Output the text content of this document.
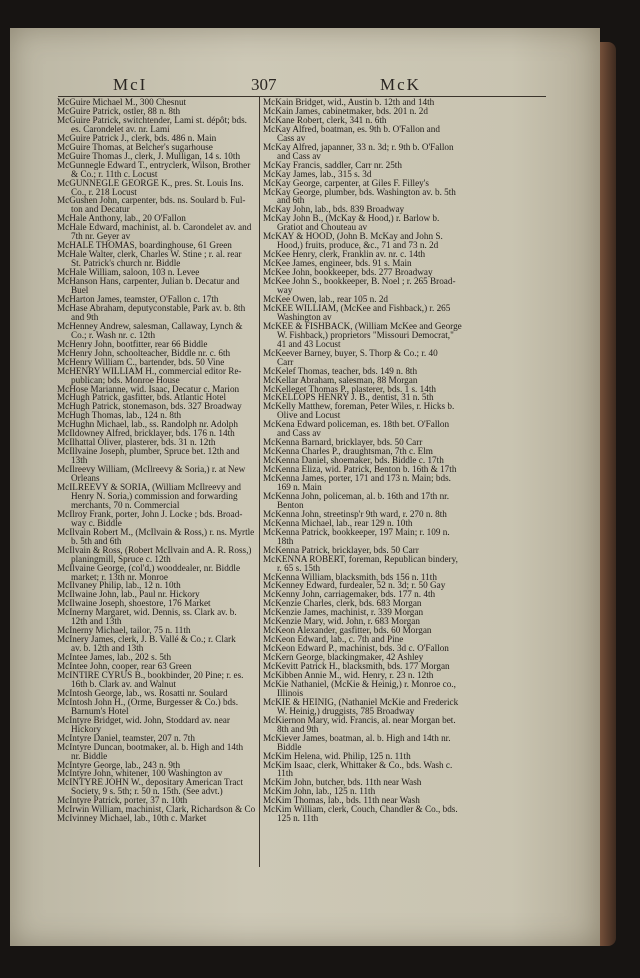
McI	307	McK
McGuire Michael M., 300 Chesnut
McGuire Patrick, ostler, 88 n. 8th
McGuire Patrick, switchtender, Lami st. dépôt; bds.
es. Carondelet av. nr. Lami
McGuire Patrick J., clerk, bds. 486 n. Main
McGuire Thomas, at Belcher's sugarhouse
McGuire Thomas J., clerk, J. Mulligan, 14 s. 10th
McGunnegle Edward T., entryclerk, Wilson, Brother
& Co.; r. 11th c. Locust
McGUNNEGLE GEORGE K., pres. St. Louis Ins.
Co., r. 218 Locust
McGushen John, carpenter, bds. ns. Soulard b. Ful-
ton and Decatur
McHale Anthony, lab., 20 O'Fallon
McHale Edward, machinist, al. b. Carondelet av. and
7th nr. Geyer av
McHALE THOMAS, boardinghouse, 61 Green
McHale Walter, clerk, Charles W. Stine ; r. al. rear
St. Patrick's church nr. Biddle
McHale William, saloon, 103 n. Levee
McHanson Hans, carpenter, Julian b. Decatur and
Buel
McHarton James, teamster, O'Fallon c. 17th
McHase Abraham, deputyconstable, Park av. b. 8th
and 9th
McHenney Andrew, salesman, Callaway, Lynch &
Co.; r. Wash nr. c. 12th
McHenry John, bootfitter, rear 66 Biddle
McHenry John, schoolteacher, Biddle nr. c. 6th
McHenry William C., bartender, bds. 50 Vine
McHENRY WILLIAM H., commercial editor Re-
publican; bds. Monroe House
McHose Marianne, wid. Isaac, Decatur c. Marion
McHugh Patrick, gasfitter, bds. Atlantic Hotel
McHugh Patrick, stonemason, bds. 327 Broadway
McHugh Thomas, lab., 124 n. 8th
McHughn Michael, lab., ss. Randolph nr. Adolph
McIldowney Alfred, bricklayer, bds. 176 n. 14th
McIlhattal Oliver, plasterer, bds. 31 n. 12th
McIllvaine Joseph, plumber, Spruce bet. 12th and
13th
McIlreevy William, (McIlreevy & Soria,) r. at New
Orleans
McILREEVY & SORIA, (William McIlreevy and
Henry N. Soria,) commission and forwarding
merchants, 70 n. Commercial
McIlroy Frank, porter, John J. Locke ; bds. Broad-
way c. Biddle
McIlvain Robert M., (McIlvain & Ross,) r. ns. Myrtle
b. 5th and 6th
McIlvain & Ross, (Robert McIlvain and A. R. Ross,)
planingmill, Spruce c. 12th
McIlvaine George, (col'd,) wooddealer, nr. Biddle
market; r. 13th nr. Monroe
McIlvaney Philip, lab., 12 n. 10th
McIlwaine John, lab., Paul nr. Hickory
McIlwaine Joseph, shoestore, 176 Market
McInerny Margaret, wid. Dennis, ss. Clark av. b.
12th and 13th
McInerny Michael, tailor, 75 n. 11th
McInery James, clerk, J. B. Vallé & Co.; r. Clark
av. b. 12th and 13th
McIntee James, lab., 202 s. 5th
McIntee John, cooper, rear 63 Green
McINTIRE CYRUS B., bookbinder, 20 Pine; r. es.
16th b. Clark av. and Walnut
McIntosh George, lab., ws. Rosatti nr. Soulard
McIntosh John H., (Orme, Burgesser & Co.) bds.
Barnum's Hotel
McIntyre Bridget, wid. John, Stoddard av. near
Hickory
McIntyre Daniel, teamster, 207 n. 7th
McIntyre Duncan, bootmaker, al. b. High and 14th
nr. Biddle
McIntyre George, lab., 243 n. 9th
McIntyre John, whitener, 100 Washington av
McINTYRE JOHN W., depositary American Tract
Society, 9 s. 5th; r. 50 n. 15th. (See advt.)
McIntyre Patrick, porter, 37 n. 10th
McIrwin William, machinist, Clark, Richardson & Co
McIvinney Michael, lab., 10th c. Market
McKain Bridget, wid., Austin b. 12th and 14th
McKain James, cabinetmaker, bds. 201 n. 2d
McKane Robert, clerk, 341 n. 6th
McKay Alfred, boatman, es. 9th b. O'Fallon and
Cass av
McKay Alfred, japanner, 33 n. 3d; r. 9th b. O'Fallon
and Cass av
McKay Francis, saddler, Carr nr. 25th
McKay James, lab., 315 s. 3d
McKay George, carpenter, at Giles F. Filley's
McKay George, plumber, bds. Washington av. b. 5th
and 6th
McKay John, lab., bds. 839 Broadway
McKay John B., (McKay & Hood,) r. Barlow b.
Gratiot and Chouteau av
McKAY & HOOD, (John B. McKay and John S.
Hood,) fruits, produce, &c., 71 and 73 n. 2d
McKee Henry, clerk, Franklin av. nr. c. 14th
McKee James, engineer, bds. 91 s. Main
McKee John, bookkeeper, bds. 277 Broadway
McKee John S., bookkeeper, B. Noel ; r. 265 Broad-
way
McKee Owen, lab., rear 105 n. 2d
McKEE WILLIAM, (McKee and Fishback,) r. 265
Washington av
McKEE & FISHBACK, (William McKee and George
W. Fishback,) proprietors "Missouri Democrat,"
41 and 43 Locust
McKeever Barney, buyer, S. Thorp & Co.; r. 40
Carr
McKelef Thomas, teacher, bds. 149 n. 8th
McKellar Abraham, salesman, 88 Morgan
McKelleget Thomas P., plasterer, bds. 1 s. 14th
McKELLOPS HENRY J. B., dentist, 31 n. 5th
McKelly Matthew, foreman, Peter Wiles, r. Hicks b.
Olive and Locust
McKena Edward policeman, es. 18th bet. O'Fallon
and Cass av
McKenna Barnard, bricklayer, bds. 50 Carr
McKenna Charles P., draughtsman, 7th c. Elm
McKenna Daniel, shoemaker, bds. Biddle c. 17th
McKenna Eliza, wid. Patrick, Benton b. 16th & 17th
McKenna James, porter, 171 and 173 n. Main; bds.
169 n. Main
McKenna John, policeman, al. b. 16th and 17th nr.
Benton
McKenna John, streetinsp'r 9th ward, r. 270 n. 8th
McKenna Michael, lab., rear 129 n. 10th
McKenna Patrick, bookkeeper, 197 Main; r. 109 n.
18th
McKenna Patrick, bricklayer, bds. 50 Carr
McKENNA ROBERT, foreman, Republican bindery,
r. 65 s. 15th
McKenna William, blacksmith, bds 156 n. 11th
McKenney Edward, furdealer, 52 n. 3d; r. 50 Gay
McKenny John, carriagemaker, bds. 177 n. 4th
McKenzie Charles, clerk, bds. 683 Morgan
McKenzie James, machinist, r. 339 Morgan
McKenzie Mary, wid. John, r. 683 Morgan
McKeon Alexander, gasfitter, bds. 60 Morgan
McKeon Edward, lab., c. 7th and Pine
McKeon Edward P., machinist, bds. 3d c. O'Fallon
McKern George, blackingmaker, 42 Ashley
McKevitt Patrick H., blacksmith, bds. 177 Morgan
McKibben Annie M., wid. Henry, r. 23 n. 12th
McKie Nathaniel, (McKie & Heinig,) r. Monroe co.,
Illinois
McKIE & HEINIG, (Nathaniel McKie and Frederick
W. Heinig,) druggists, 785 Broadway
McKiernon Mary, wid. Francis, al. near Morgan bet.
8th and 9th
McKiever James, boatman, al. b. High and 14th nr.
Biddle
McKim Helena, wid. Philip, 125 n. 11th
McKim Isaac, clerk, Whittaker & Co., bds. Wash c.
11th
McKim John, butcher, bds. 11th near Wash
McKim John, lab., 125 n. 11th
McKim Thomas, lab., bds. 11th near Wash
McKim William, clerk, Couch, Chandler & Co., bds.
125 n. 11th
